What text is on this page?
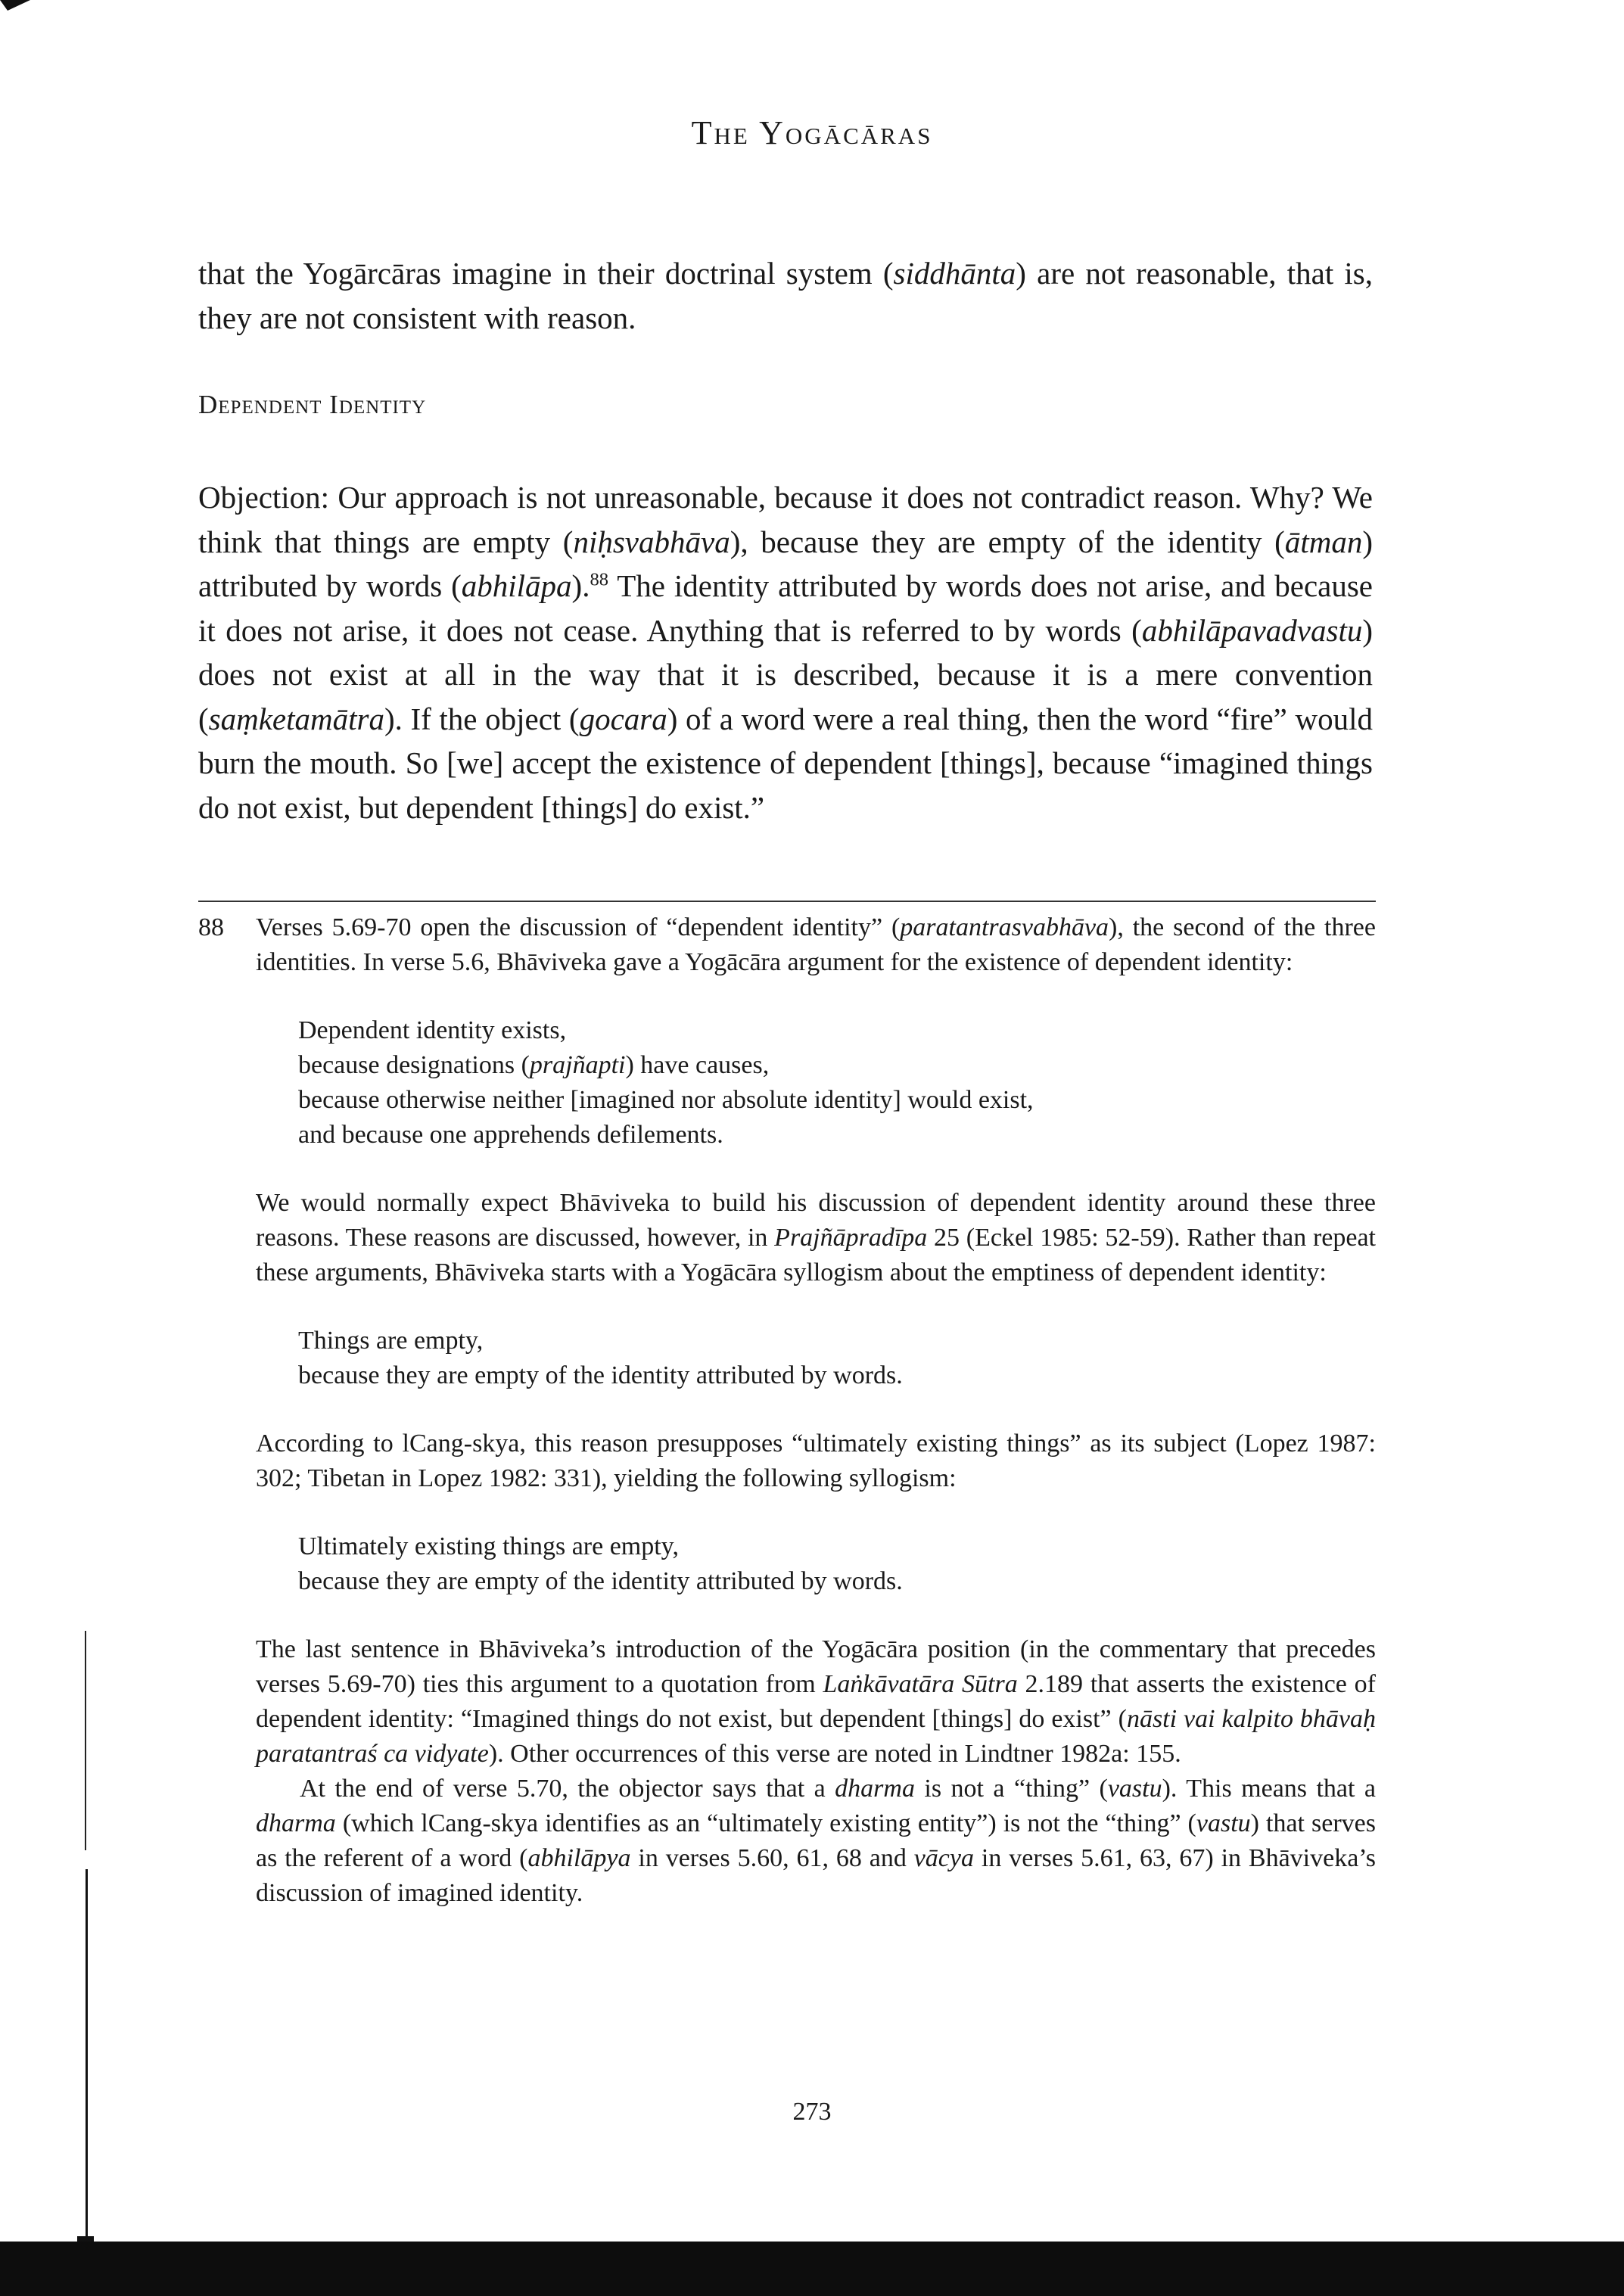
The Yogācāras

that the Yogārcāras imagine in their doctrinal system (siddhānta) are not reasonable, that is, they are not consistent with reason.

Dependent Identity

Objection: Our approach is not unreasonable, because it does not contradict reason. Why? We think that things are empty (niḥsvabhāva), because they are empty of the identity (ātman) attributed by words (abhilāpa).$^{88}$ The identity attributed by words does not arise, and because it does not arise, it does not cease. Anything that is referred to by words (abhilāpavadvastu) does not exist at all in the way that it is described, because it is a mere convention (saṃketamātra). If the object (gocara) of a word were a real thing, then the word “fire” would burn the mouth. So [we] accept the existence of dependent [things], because “imagined things do not exist, but dependent [things] do exist.”

88 Verses 5.69-70 open the discussion of “dependent identity” (paratantrasvabhāva), the second of the three identities. In verse 5.6, Bhāviveka gave a Yogācāra argument for the existence of dependent identity:

Dependent identity exists,
because designations (prajñapti) have causes,
because otherwise neither [imagined nor absolute identity] would exist,
and because one apprehends defilements.

We would normally expect Bhāviveka to build his discussion of dependent identity around these three reasons. These reasons are discussed, however, in Prajñāpradīpa 25 (Eckel 1985: 52-59). Rather than repeat these arguments, Bhāviveka starts with a Yogācāra syllogism about the emptiness of dependent identity:

Things are empty,
because they are empty of the identity attributed by words.

According to lCang-skya, this reason presupposes “ultimately existing things” as its subject (Lopez 1987: 302; Tibetan in Lopez 1982: 331), yielding the following syllogism:

Ultimately existing things are empty,
because they are empty of the identity attributed by words.

The last sentence in Bhāviveka’s introduction of the Yogācāra position (in the commentary that precedes verses 5.69-70) ties this argument to a quotation from Laṅkāvatāra Sūtra 2.189 that asserts the existence of dependent identity: “Imagined things do not exist, but dependent [things] do exist” (nāsti vai kalpito bhāvaḥ paratantraś ca vidyate). Other occurrences of this verse are noted in Lindtner 1982a: 155.

At the end of verse 5.70, the objector says that a dharma is not a “thing” (vastu). This means that a dharma (which lCang-skya identifies as an “ultimately existing entity”) is not the “thing” (vastu) that serves as the referent of a word (abhilāpya in verses 5.60, 61, 68 and vācya in verses 5.61, 63, 67) in Bhāviveka’s discussion of imagined identity.

273
